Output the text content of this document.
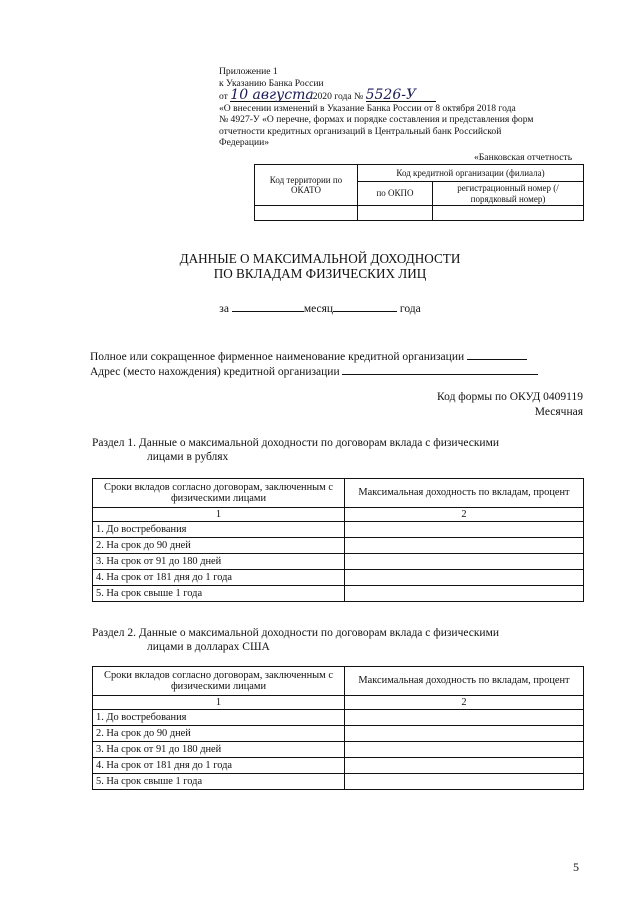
Приложение 1
к Указанию Банка России
от 10 августа 2020 года № 5526-У
«О внесении изменений в Указание Банка России от 8 октября 2018 года
№ 4927-У «О перечне, формах и порядке составления и представления форм
отчетности кредитных организаций в Центральный банк Российской
Федерации»
«Банковская отчетность
Код территории по ОКАТО	Код кредитной организации (филиала)	
	по ОКПО	регистрационный номер (/порядковый номер)

ДАННЫЕ О МАКСИМАЛЬНОЙ ДОХОДНОСТИ
ПО ВКЛАДАМ ФИЗИЧЕСКИХ ЛИЦ
за	месяц	года
Полное или сокращенное фирменное наименование кредитной организации
Адрес (место нахождения) кредитной организации
Код формы по ОКУД 0409119
Месячная
Раздел 1. Данные о максимальной доходности по договорам вклада с физическими
лицами в рублях
Сроки вкладов согласно договорам, заключенным с физическими лицами	Максимальная доходность по вкладам, процент
1	2
1. До востребования	
2. На срок до 90 дней	
3. На срок от 91 до 180 дней	
4. На срок от 181 дня до 1 года	
5. На срок свыше 1 года	
Раздел 2. Данные о максимальной доходности по договорам вклада с физическими
лицами в долларах США
Сроки вкладов согласно договорам, заключенным с физическими лицами	Максимальная доходность по вкладам, процент
1	2
1. До востребования	
2. На срок до 90 дней	
3. На срок от 91 до 180 дней	
4. На срок от 181 дня до 1 года	
5. На срок свыше 1 года	
5
